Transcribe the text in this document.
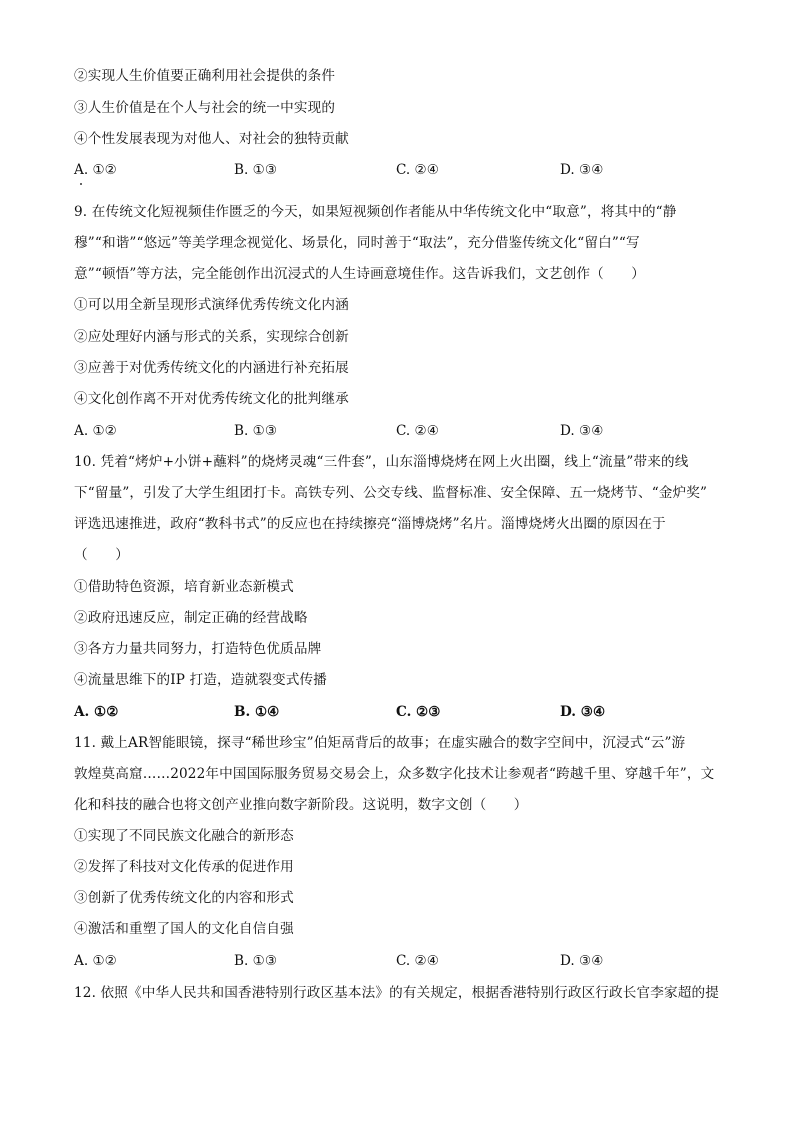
②实现人生价值要正确利用社会提供的条件
③人生价值是在个人与社会的统一中实现的
④个性发展表现为对他人、对社会的独特贡献
A. ①②	B. ①③	C. ②④	D. ③④
9. 在传统文化短视频佳作匮乏的今天，如果短视频创作者能从中华传统文化中“取意”，将其中的“静
穆”“和谐”“悠远”等美学理念视觉化、场景化，同时善于“取法”，充分借鉴传统文化“留白”“写
意”“顿悟”等方法，完全能创作出沉浸式的人生诗画意境佳作。这告诉我们，文艺创作（　　）
①可以用全新呈现形式演绎优秀传统文化内涵
②应处理好内涵与形式的关系，实现综合创新
③应善于对优秀传统文化的内涵进行补充拓展
④文化创作离不开对优秀传统文化的批判继承
A. ①②	B. ①③	C. ②④	D. ③④
10. 凭着“烤炉+小饼+蘸料”的烧烤灵魂“三件套”，山东淄博烧烤在网上火出圈，线上“流量”带来的线
下“留量”，引发了大学生组团打卡。高铁专列、公交专线、监督标准、安全保障、五一烧烤节、“金炉奖”
评选迅速推进，政府“教科书式”的反应也在持续擦亮“淄博烧烤”名片。淄博烧烤火出圈的原因在于
（　　）
①借助特色资源，培育新业态新模式
②政府迅速反应，制定正确的经营战略
③各方力量共同努力，打造特色优质品牌
④流量思维下的IP 打造，造就裂变式传播
A. ①②	B. ①④	C. ②③	D. ③④
11. 戴上AR智能眼镜，探寻“稀世珍宝”伯矩鬲背后的故事；在虚实融合的数字空间中，沉浸式“云”游
敦煌莫高窟……2022年中国国际服务贸易交易会上，众多数字化技术让参观者“跨越千里、穿越千年”，文
化和科技的融合也将文创产业推向数字新阶段。这说明，数字文创（　　）
①实现了不同民族文化融合的新形态
②发挥了科技对文化传承的促进作用
③创新了优秀传统文化的内容和形式
④激活和重塑了国人的文化自信自强
A. ①②	B. ①③	C. ②④	D. ③④
12. 依照《中华人民共和国香港特别行政区基本法》的有关规定，根据香港特别行政区行政长官李家超的提
